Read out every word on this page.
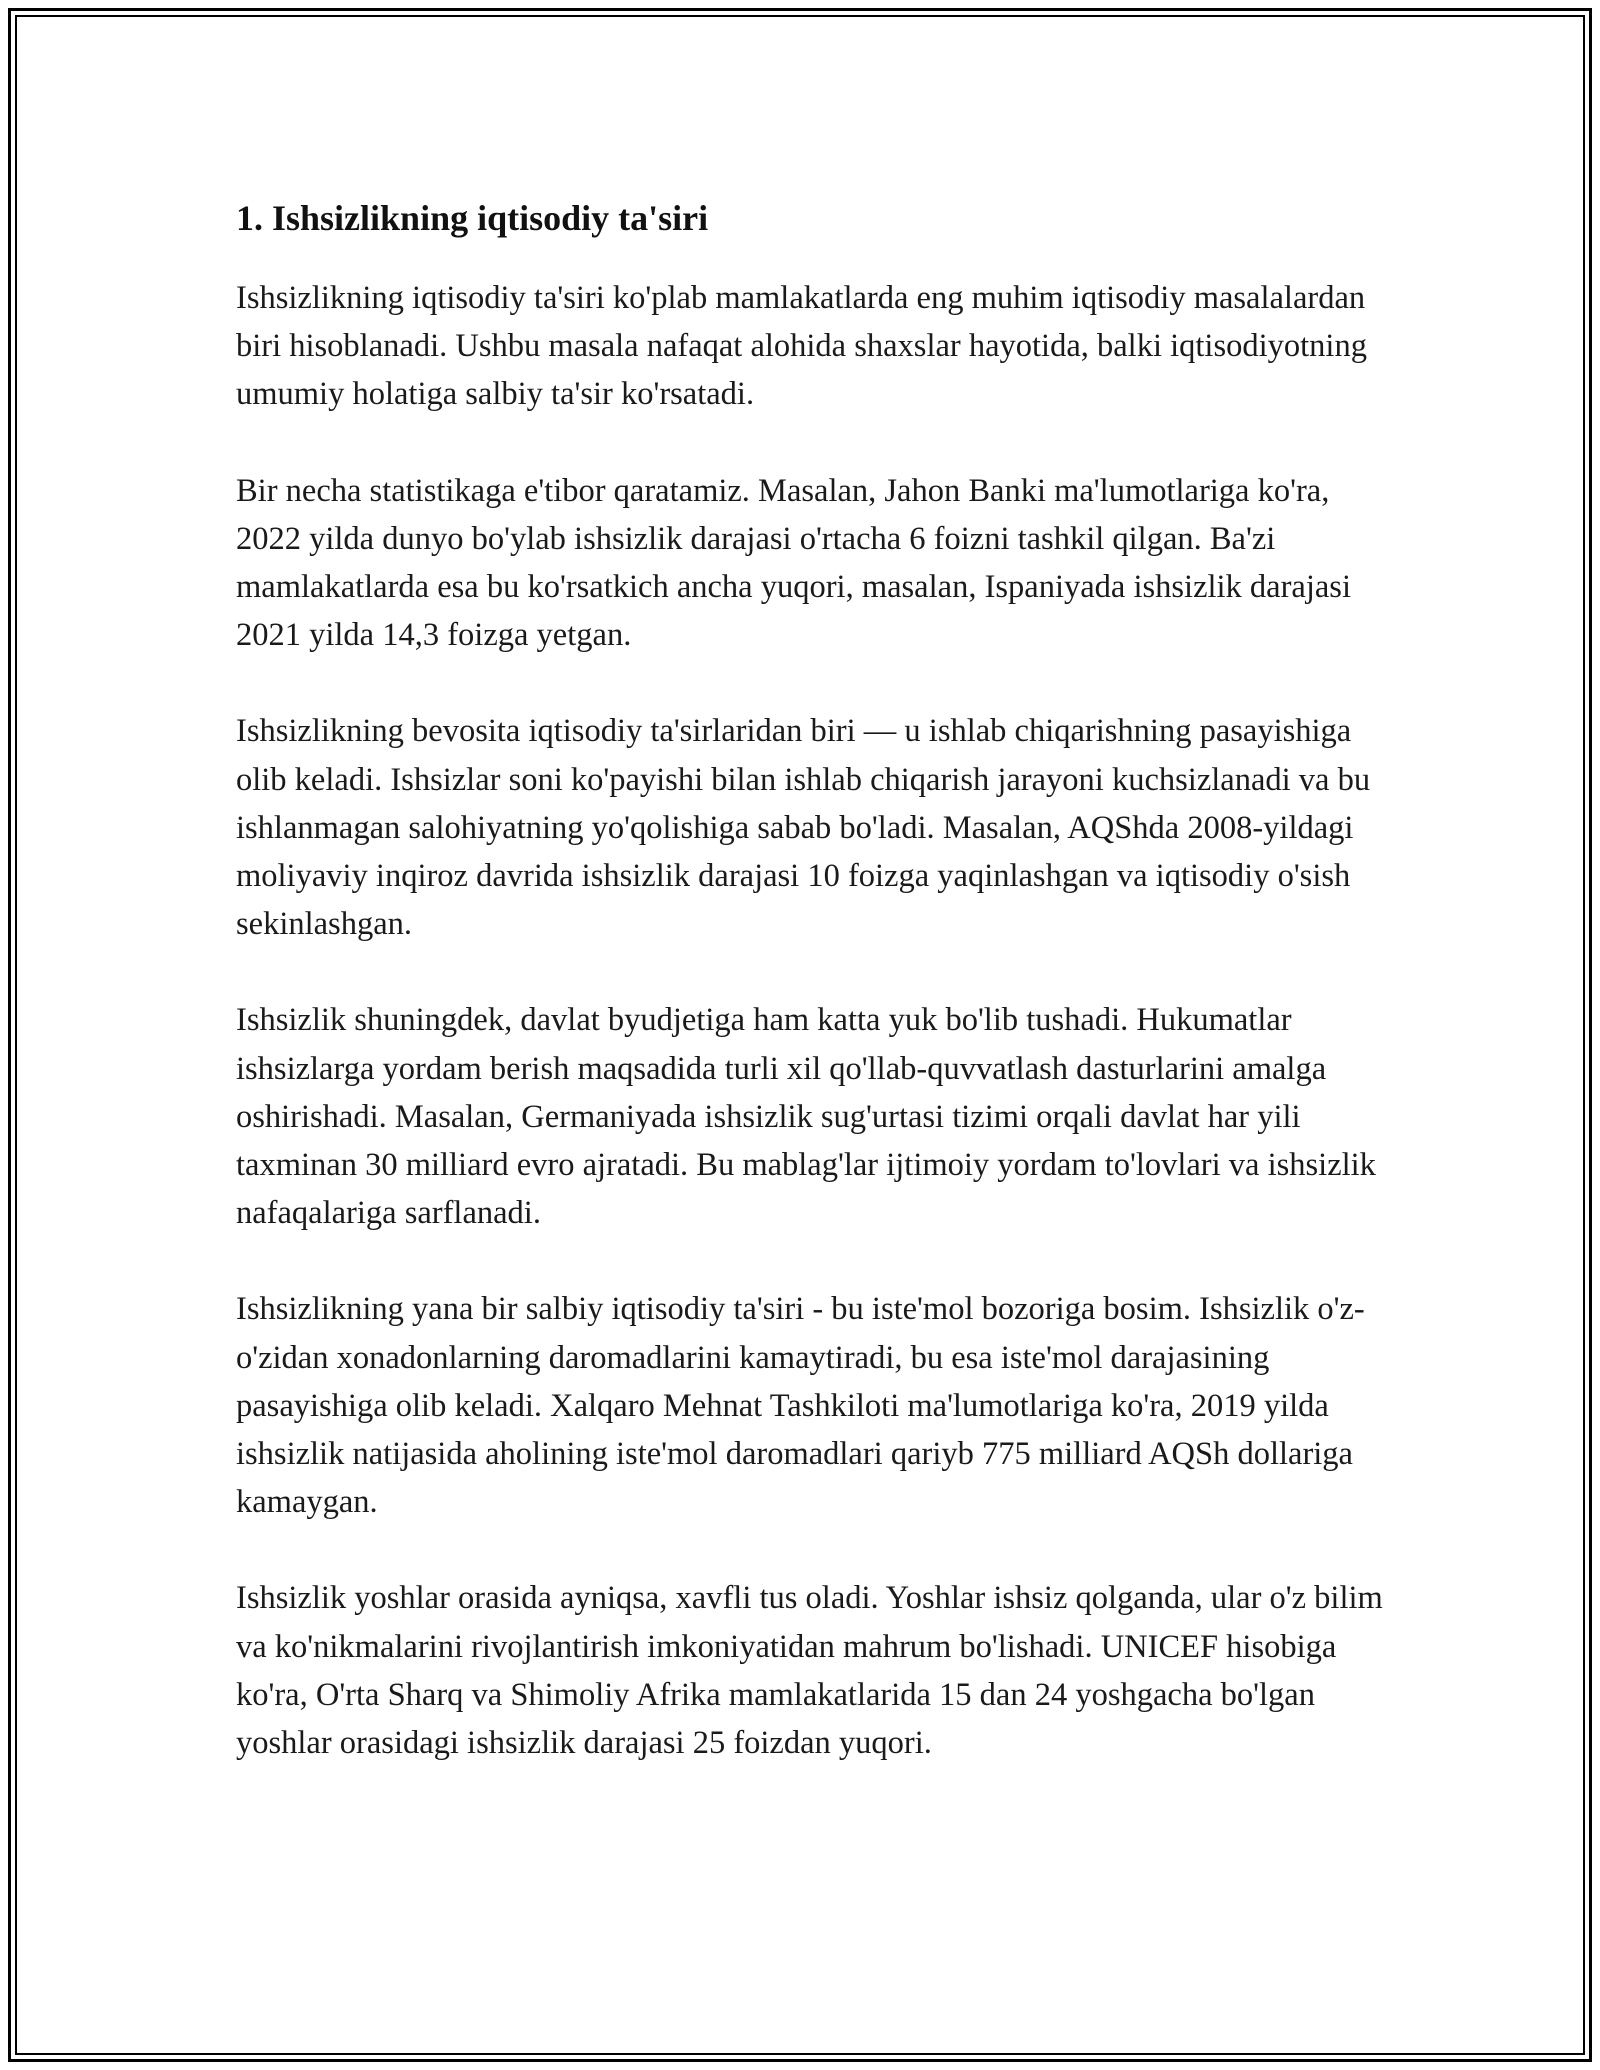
1. Ishsizlikning iqtisodiy ta'siri

Ishsizlikning iqtisodiy ta'siri ko'plab mamlakatlarda eng muhim iqtisodiy masalalardan biri hisoblanadi. Ushbu masala nafaqat alohida shaxslar hayotida, balki iqtisodiyotning umumiy holatiga salbiy ta'sir ko'rsatadi.

Bir necha statistikaga e'tibor qaratamiz. Masalan, Jahon Banki ma'lumotlariga ko'ra, 2022 yilda dunyo bo'ylab ishsizlik darajasi o'rtacha 6 foizni tashkil qilgan. Ba'zi mamlakatlarda esa bu ko'rsatkich ancha yuqori, masalan, Ispaniyada ishsizlik darajasi 2021 yilda 14,3 foizga yetgan.

Ishsizlikning bevosita iqtisodiy ta'sirlaridan biri — u ishlab chiqarishning pasayishiga olib keladi. Ishsizlar soni ko'payishi bilan ishlab chiqarish jarayoni kuchsizlanadi va bu ishlanmagan salohiyatning yo'qolishiga sabab bo'ladi. Masalan, AQShda 2008-yildagi moliyaviy inqiroz davrida ishsizlik darajasi 10 foizga yaqinlashgan va iqtisodiy o'sish sekinlashgan.

Ishsizlik shuningdek, davlat byudjetiga ham katta yuk bo'lib tushadi. Hukumatlar ishsizlarga yordam berish maqsadida turli xil qo'llab-quvvatlash dasturlarini amalga oshirishadi. Masalan, Germaniyada ishsizlik sug'urtasi tizimi orqali davlat har yili taxminan 30 milliard evro ajratadi. Bu mablag'lar ijtimoiy yordam to'lovlari va ishsizlik nafaqalariga sarflanadi.

Ishsizlikning yana bir salbiy iqtisodiy ta'siri - bu iste'mol bozoriga bosim. Ishsizlik o'z-o'zidan xonadonlarning daromadlarini kamaytiradi, bu esa iste'mol darajasining pasayishiga olib keladi. Xalqaro Mehnat Tashkiloti ma'lumotlariga ko'ra, 2019 yilda ishsizlik natijasida aholining iste'mol daromadlari qariyb 775 milliard AQSh dollariga kamaygan.

Ishsizlik yoshlar orasida ayniqsa, xavfli tus oladi. Yoshlar ishsiz qolganda, ular o'z bilim va ko'nikmalarini rivojlantirish imkoniyatidan mahrum bo'lishadi. UNICEF hisobiga ko'ra, O'rta Sharq va Shimoliy Afrika mamlakatlarida 15 dan 24 yoshgacha bo'lgan yoshlar orasidagi ishsizlik darajasi 25 foizdan yuqori.
